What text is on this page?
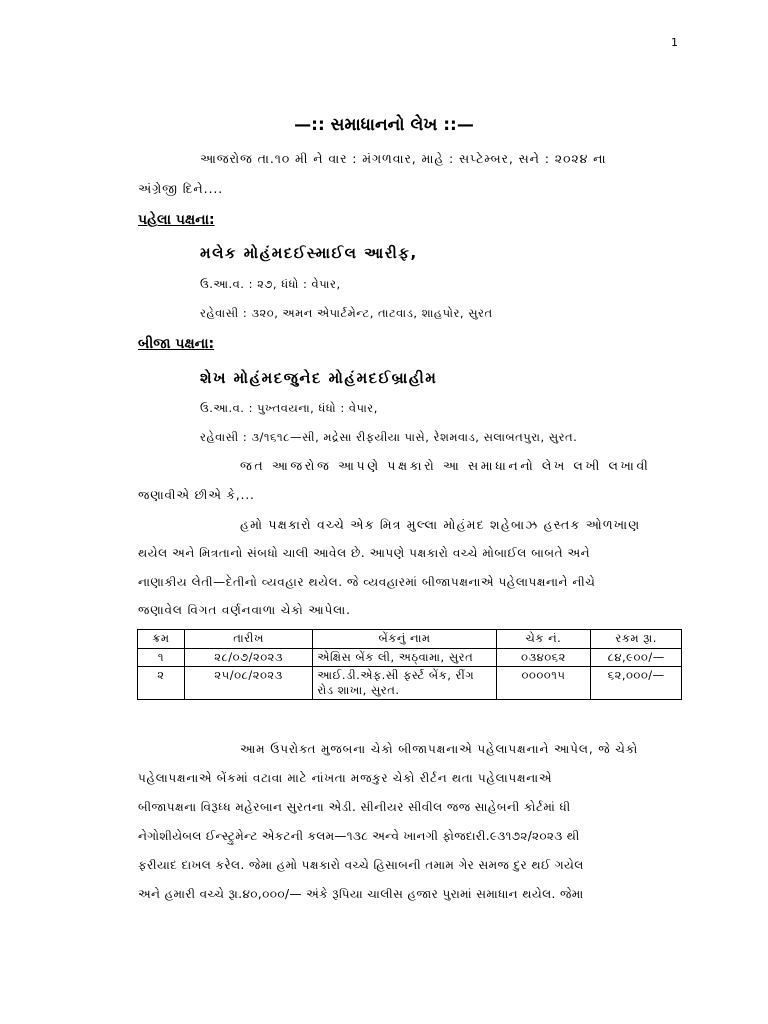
1
—:: સમાધાનનો લેખ ::—
આજરોજ તા.૧૦ મી ને વાર : મંગળવાર, માહે : સપ્ટેમ્બર, સને : ૨૦૨૪ ના
અંગ્રેજી દિને....
પહેલા પક્ષના:
મલેક મોહંમદઈસ્માઈલ આરીફ,
ઉ.આ.વ. : ૨૭, ધંધો : વેપાર,
રહેવાસી : ૩૨૦, અમન એપાર્ટમેન્ટ, તાટવાડ, શાહપોર, સુરત
બીજા પક્ષના:
શેખ મોહંમદજુનેદ મોહંમદઈબ્રાહીમ
ઉ.આ.વ. : પુખ્તવયના, ધંધો : વેપાર,
રહેવાસી : ૩/૧૬૧૮—સી, મદ્રેસા રીફયીયા પાસે, રેશમવાડ, સલાબતપુરા, સુરત.
જત આજરોજ આપણે પક્ષકારો આ સમાધાનનો લેખ લખી લખાવી
જણાવીએ છીએ કે,...
હમો પક્ષકારો વચ્ચે એક મિત્ર મુલ્લા મોહંમદ શહેબાઝ હસ્તક ઓળખાણ
થયેલ અને મિત્રતાનો સંબધો ચાલી આવેલ છે. આપણે પક્ષકારો વચ્ચે મોબાઈલ બાબતે અને
નાણાકીય લેતી—દેતીનો વ્યવહાર થયેલ. જે વ્યવહારમાં બીજાપક્ષનાએ પહેલાપક્ષનાને નીચે
જણાવેલ વિગત વર્ણનવાળા ચેકો આપેલા.
ક્રમ	તારીખ	બેંકનું નામ	ચેક નં.	રકમ રૂા.
૧	૨૮/૦૭/૨૦૨૩	એક્ષિસ બેંક લી, અઠ્વામા, સુરત	૦૩૪૦૬૨	૮૪,૯૦૦/—
૨	૨૫/૦૮/૨૦૨૩	આઈ.ડી.એફ.સી ફર્સ્ટ બેંક, રીંગ રોડ શાખા, સુરત.	૦૦૦૦૧૫	૬૨,૦૦૦/—
આમ ઉપરોક્ત મુજબના ચેકો બીજાપક્ષનાએ પહેલાપક્ષનાને આપેલ, જે ચેકો
પહેલાપક્ષનાએ બેંકમાં વટાવા માટે નાંખતા મજકુર ચેકો રીર્ટન થતા પહેલાપક્ષનાએ
બીજાપક્ષના વિરૂધ્ધ મહેરબાન સુરતના એડી. સીનીયર સીવીલ જજ સાહેબની કોર્ટમાં ધી
નેગોશીયેબલ ઈન્સ્ટ્રુમેન્ટ એકટની કલમ—૧૩૮ અન્વે ખાનગી ફોજદારી.૯૩૧૭૨/૨૦૨૩ થી
ફરીયાદ દાખલ કરેલ. જેમા હમો પક્ષકારો વચ્ચે હિસાબની તમામ ગેર સમજ દુર થઈ ગયેલ
અને હમારી વચ્ચે રૂા.૪૦,૦૦૦/— અંકે રૂપિયા ચાલીસ હજાર પુરામાં સમાધાન થયેલ. જેમા
